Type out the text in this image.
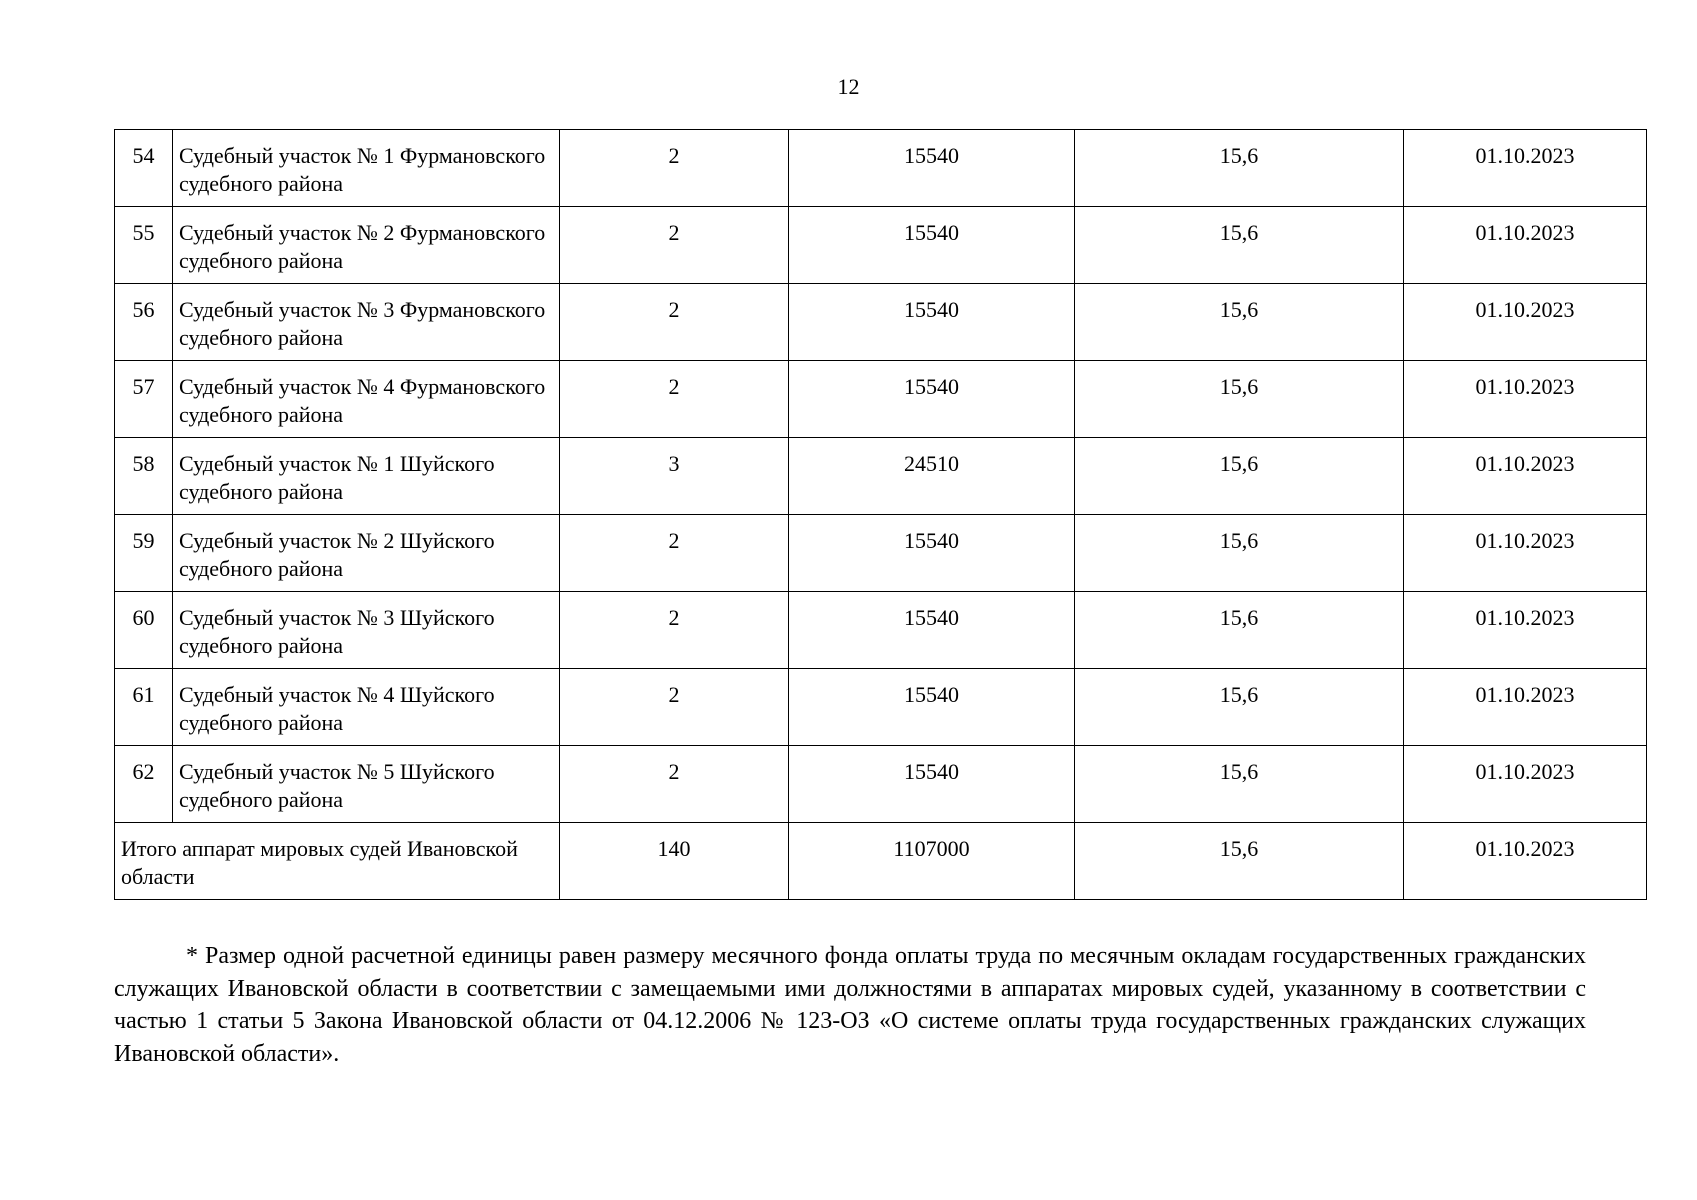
12
54	Судебный участок № 1 Фурмановского судебного района	2	15540	15,6	01.10.2023
55	Судебный участок № 2 Фурмановского судебного района	2	15540	15,6	01.10.2023
56	Судебный участок № 3 Фурмановского судебного района	2	15540	15,6	01.10.2023
57	Судебный участок № 4 Фурмановского судебного района	2	15540	15,6	01.10.2023
58	Судебный участок № 1 Шуйского судебного района	3	24510	15,6	01.10.2023
59	Судебный участок № 2 Шуйского судебного района	2	15540	15,6	01.10.2023
60	Судебный участок № 3 Шуйского судебного района	2	15540	15,6	01.10.2023
61	Судебный участок № 4 Шуйского судебного района	2	15540	15,6	01.10.2023
62	Судебный участок № 5 Шуйского судебного района	2	15540	15,6	01.10.2023
Итого аппарат мировых судей Ивановской области		140	1107000	15,6	01.10.2023

* Размер одной расчетной единицы равен размеру месячного фонда оплаты труда по месячным окладам государственных гражданских служащих Ивановской области в соответствии с замещаемыми ими должностями в аппаратах мировых судей, указанному в соответствии с частью 1 статьи 5 Закона Ивановской области от 04.12.2006 № 123-ОЗ «О системе оплаты труда государственных гражданских служащих Ивановской области».
